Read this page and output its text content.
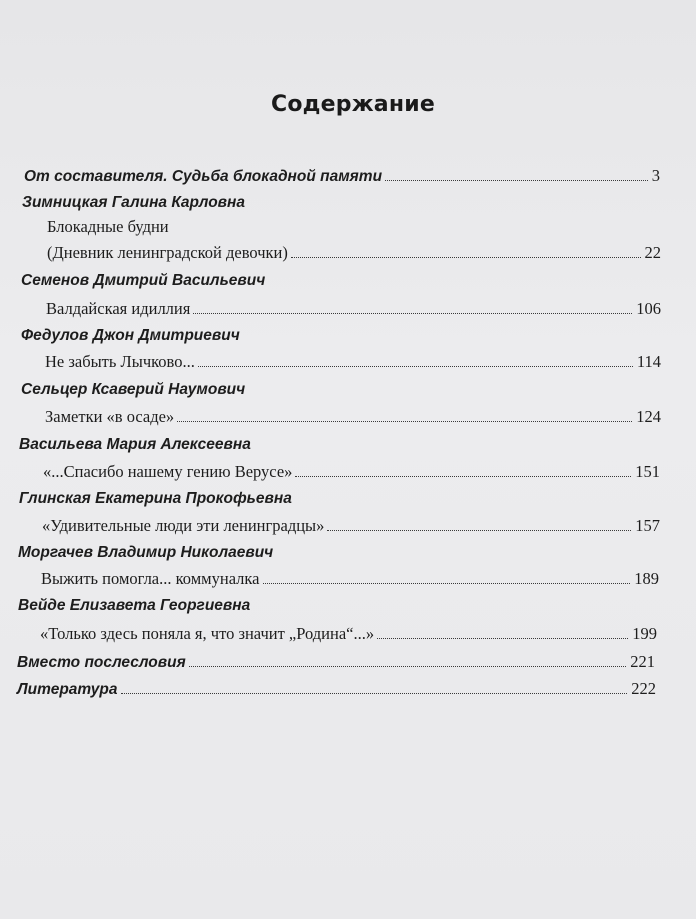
Содержание
От составителя. Судьба блокадной памяти	3
Зимницкая Галина Карловна
Блокадные будни
(Дневник ленинградской девочки)	22
Семенов Дмитрий Васильевич
Валдайская идиллия	106
Федулов Джон Дмитриевич
Не забыть Лычково...	114
Сельцер Ксаверий Наумович
Заметки «в осаде»	124
Васильева Мария Алексеевна
«...Спасибо нашему гению Верусе»	151
Глинская Екатерина Прокофьевна
«Удивительные люди эти ленинградцы»	157
Моргачев Владимир Николаевич
Выжить помогла... коммуналка	189
Вейде Елизавета Георгиевна
«Только здесь поняла я, что значит „Родина“...»	199
Вместо послесловия	221
Литература	222
